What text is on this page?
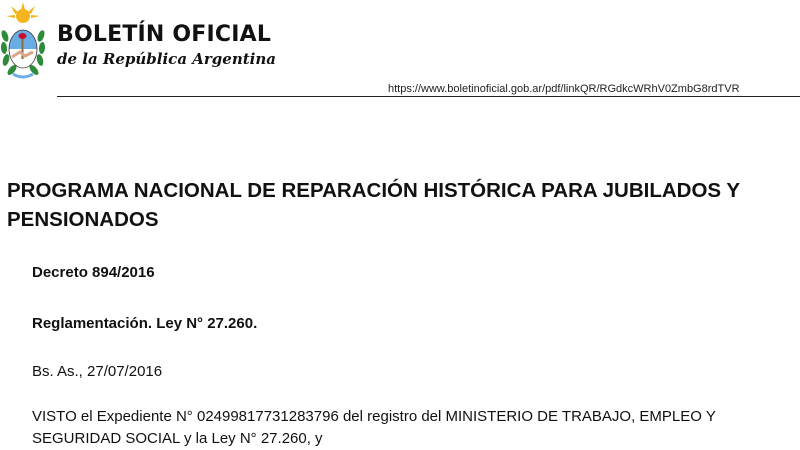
BOLETÍN OFICIAL
de la República Argentina
https://www.boletinoficial.gob.ar/pdf/linkQR/RGdkcWRhV0ZmbG8rdTVR
PROGRAMA NACIONAL DE REPARACIÓN HISTÓRICA PARA JUBILADOS Y PENSIONADOS

Decreto 894/2016

Reglamentación. Ley N° 27.260.

Bs. As., 27/07/2016

VISTO el Expediente N° 02499817731283796 del registro del MINISTERIO DE TRABAJO, EMPLEO Y
SEGURIDAD SOCIAL y la Ley N° 27.260, y
